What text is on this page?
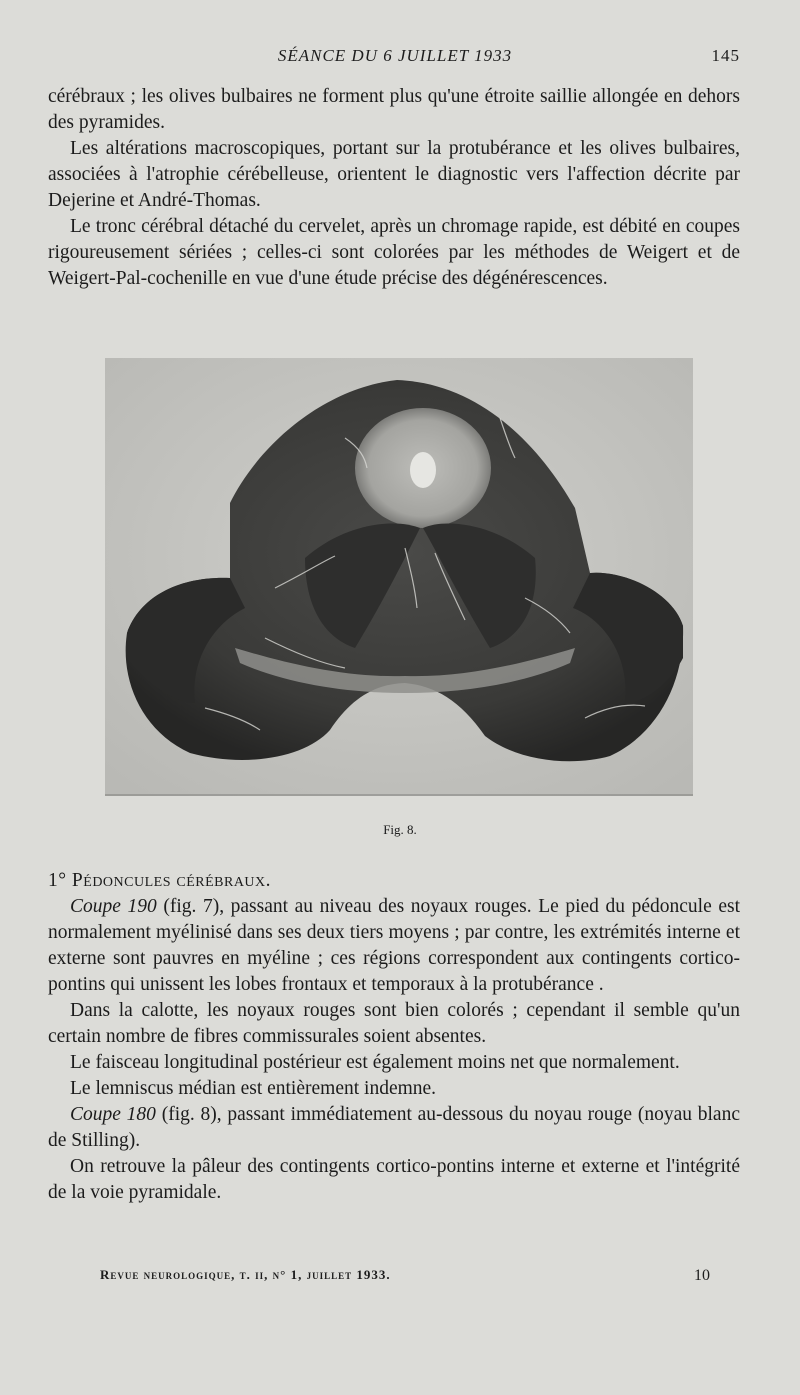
SÉANCE DU 6 JUILLET 1933	145

cérébraux ; les olives bulbaires ne forment plus qu'une étroite saillie allongée en dehors des pyramides.

Les altérations macroscopiques, portant sur la protubérance et les olives bulbaires, associées à l'atrophie cérébelleuse, orientent le diagnostic vers l'affection décrite par Dejerine et André-Thomas.

Le tronc cérébral détaché du cervelet, après un chromage rapide, est débité en coupes rigoureusement sériées ; celles-ci sont colorées par les méthodes de Weigert et de Weigert-Pal-cochenille en vue d'une étude précise des dégénérescences.

Fig. 8.

1° Pédoncules cérébraux.

Coupe 190 (fig. 7), passant au niveau des noyaux rouges. Le pied du pédoncule est normalement myélinisé dans ses deux tiers moyens ; par contre, les extrémités interne et externe sont pauvres en myéline ; ces régions correspondent aux contingents cortico-pontins qui unissent les lobes frontaux et temporaux à la protubérance .

Dans la calotte, les noyaux rouges sont bien colorés ; cependant il semble qu'un certain nombre de fibres commissurales soient absentes.

Le faisceau longitudinal postérieur est également moins net que normalement.

Le lemniscus médian est entièrement indemne.

Coupe 180 (fig. 8), passant immédiatement au-dessous du noyau rouge (noyau blanc de Stilling).

On retrouve la pâleur des contingents cortico-pontins interne et externe et l'intégrité de la voie pyramidale.

Revue neurologique, t. ii, n° 1, juillet 1933.	10
